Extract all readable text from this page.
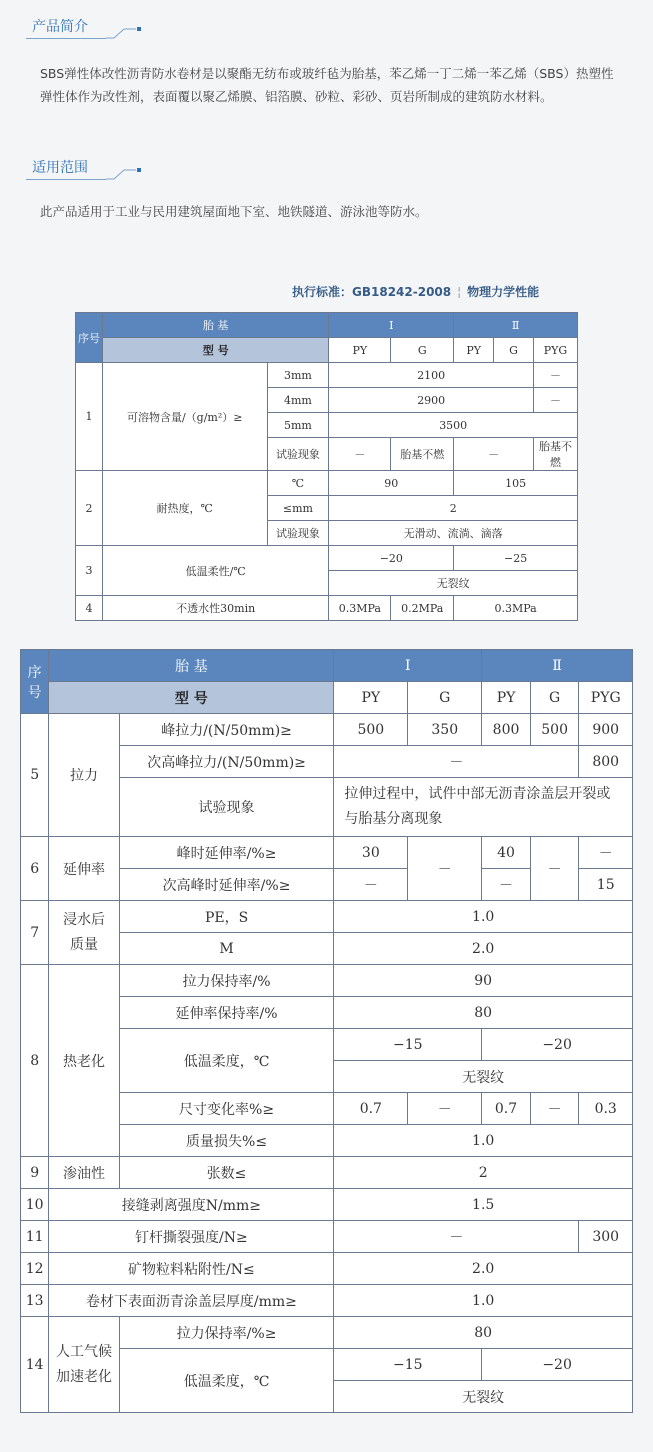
产品简介
SBS弹性体改性沥青防水卷材是以聚酯无纺布或玻纤毡为胎基，苯乙烯一丁二烯一苯乙烯（SBS）热塑性弹性体作为改性剂，表面覆以聚乙烯膜、铝箔膜、砂粒、彩砂、页岩所制成的建筑防水材料。
适用范围
此产品适用于工业与民用建筑屋面地下室、地铁隧道、游泳池等防水。
执行标准：GB18242-2008 ¦ 物理力学性能
序号	胎 基		Ⅰ		Ⅱ		
	型 号		PY	G	PY	G	PYG
1	可溶物含量/（g/m²）≥	3mm	2100				－
		4mm	2900				－
		5mm	3500				
		试验现象	－	胎基不燃	－		胎基不燃
2	耐热度，℃	℃	90		105		
		≤mm	2				
		试验现象	无滑动、流淌、滴落				
3	低温柔性/℃		−20		−25		
			无裂纹				
4	不透水性30min		0.3MPa	0.2MPa	0.3MPa		
序号	胎 基		Ⅰ		Ⅱ		
	型 号		PY	G	PY	G	PYG
5	拉力	峰拉力/(N/50mm)≥	500	350	800	500	900
		次高峰拉力/(N/50mm)≥	－				800
		试验现象	拉伸过程中，试件中部无沥青涂盖层开裂或与胎基分离现象				
6	延伸率	峰时延伸率/%≥	30	－	40	－	－
		次高峰时延伸率/%≥	－		－		15
7	浸水后质量	PE，S	1.0				
		M	2.0				
8	热老化	拉力保持率/%	90				
		延伸率保持率/%	80				
		低温柔度，℃	−15		−20		
			无裂纹				
		尺寸变化率%≥	0.7	－	0.7	－	0.3
		质量损失%≤	1.0				
9	渗油性	张数≤	2				
10	接缝剥离强度N/mm≥		1.5				
11	钉杆撕裂强度/N≥		－				300
12	矿物粒料粘附性/N≤		2.0				
13	卷材下表面沥青涂盖层厚度/mm≥		1.0				
14	人工气候加速老化	拉力保持率/%≥	80				
		低温柔度，℃	−15		−20		
			无裂纹				
